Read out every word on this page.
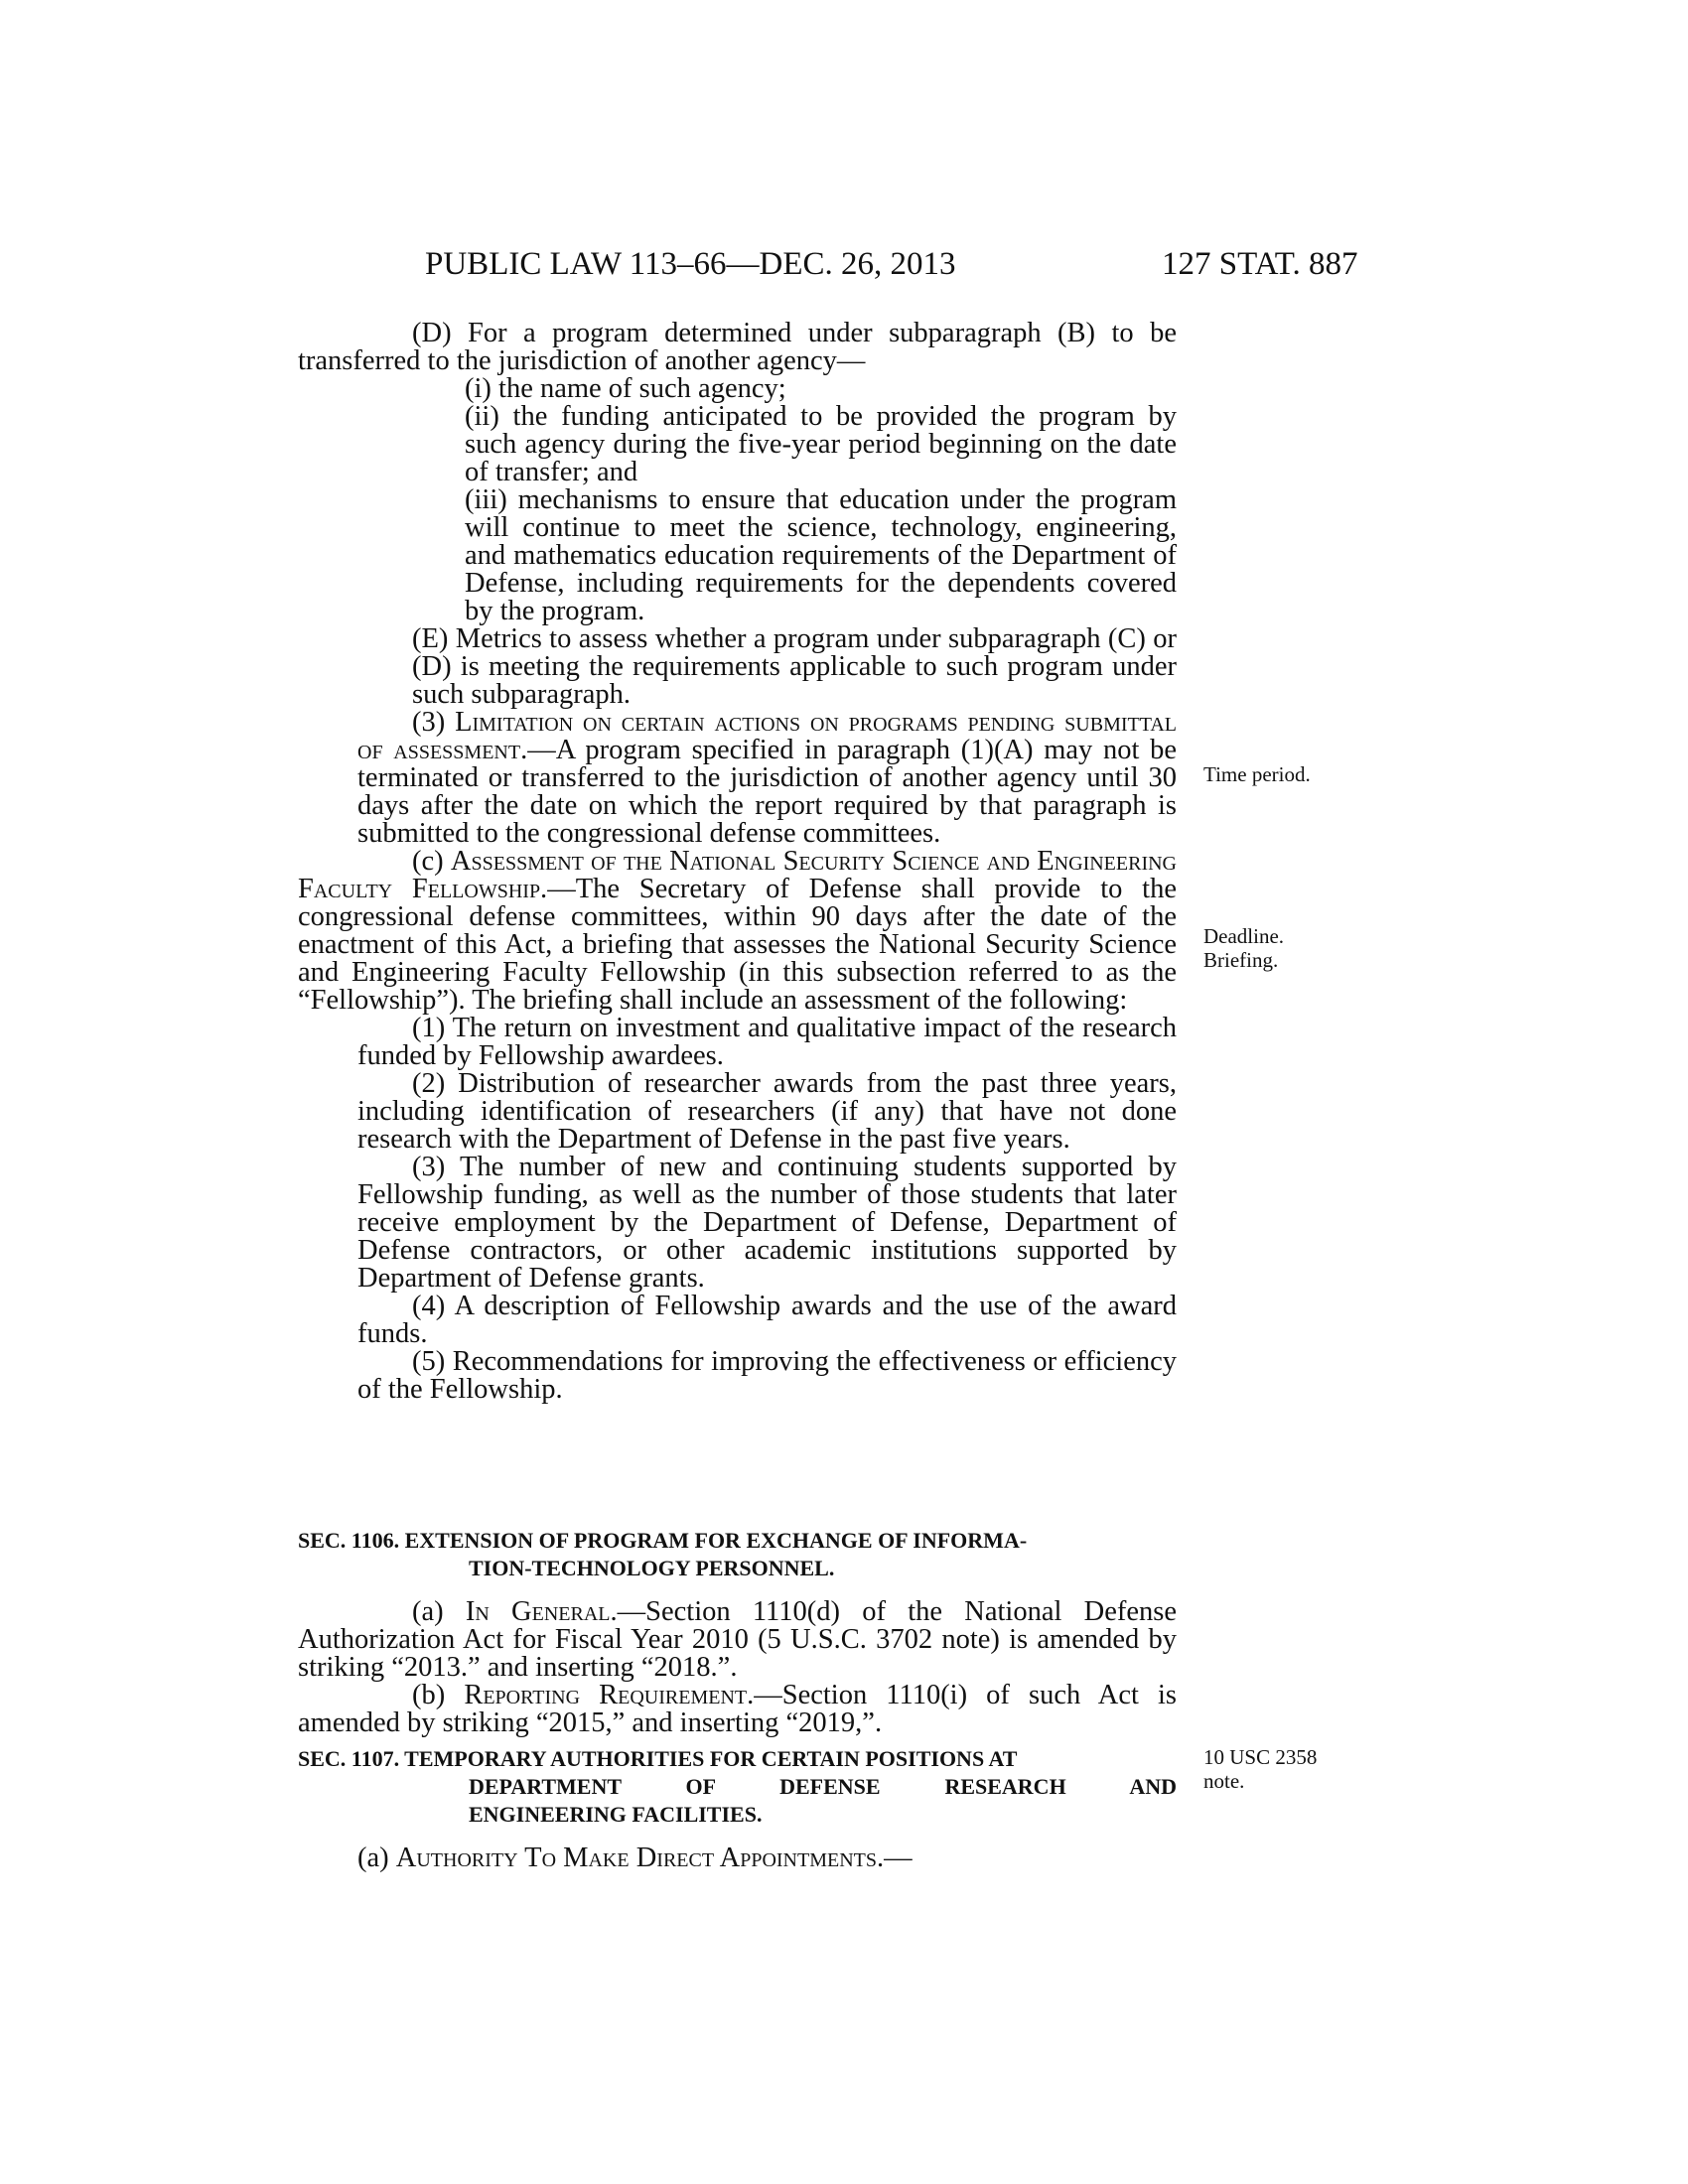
PUBLIC LAW 113–66—DEC. 26, 2013	127 STAT. 887

(D) For a program determined under subparagraph (B) to be transferred to the jurisdiction of another agency—

(i) the name of such agency;

(ii) the funding anticipated to be provided the program by such agency during the five-year period beginning on the date of transfer; and

(iii) mechanisms to ensure that education under the program will continue to meet the science, technology, engineering, and mathematics education requirements of the Department of Defense, including requirements for the dependents covered by the program.

(E) Metrics to assess whether a program under subparagraph (C) or (D) is meeting the requirements applicable to such program under such subparagraph.

(3) Limitation on certain actions on programs pending submittal of assessment.—A program specified in paragraph (1)(A) may not be terminated or transferred to the jurisdiction of another agency until 30 days after the date on which the report required by that paragraph is submitted to the congressional defense committees.

(c) Assessment of the National Security Science and Engineering Faculty Fellowship.—The Secretary of Defense shall provide to the congressional defense committees, within 90 days after the date of the enactment of this Act, a briefing that assesses the National Security Science and Engineering Faculty Fellowship (in this subsection referred to as the “Fellowship”). The briefing shall include an assessment of the following:

(1) The return on investment and qualitative impact of the research funded by Fellowship awardees.

(2) Distribution of researcher awards from the past three years, including identification of researchers (if any) that have not done research with the Department of Defense in the past five years.

(3) The number of new and continuing students supported by Fellowship funding, as well as the number of those students that later receive employment by the Department of Defense, Department of Defense contractors, or other academic institutions supported by Department of Defense grants.

(4) A description of Fellowship awards and the use of the award funds.

(5) Recommendations for improving the effectiveness or efficiency of the Fellowship.

SEC. 1106. EXTENSION OF PROGRAM FOR EXCHANGE OF INFORMA-
TION-TECHNOLOGY PERSONNEL.

(a) In General.—Section 1110(d) of the National Defense Authorization Act for Fiscal Year 2010 (5 U.S.C. 3702 note) is amended by striking “2013.” and inserting “2018.”.

(b) Reporting Requirement.—Section 1110(i) of such Act is amended by striking “2015,” and inserting “2019,”.

SEC. 1107. TEMPORARY AUTHORITIES FOR CERTAIN POSITIONS AT
DEPARTMENT OF DEFENSE RESEARCH AND
ENGINEERING FACILITIES.

(a) Authority To Make Direct Appointments.—

Time period.
Deadline.
Briefing.
10 USC 2358
note.
